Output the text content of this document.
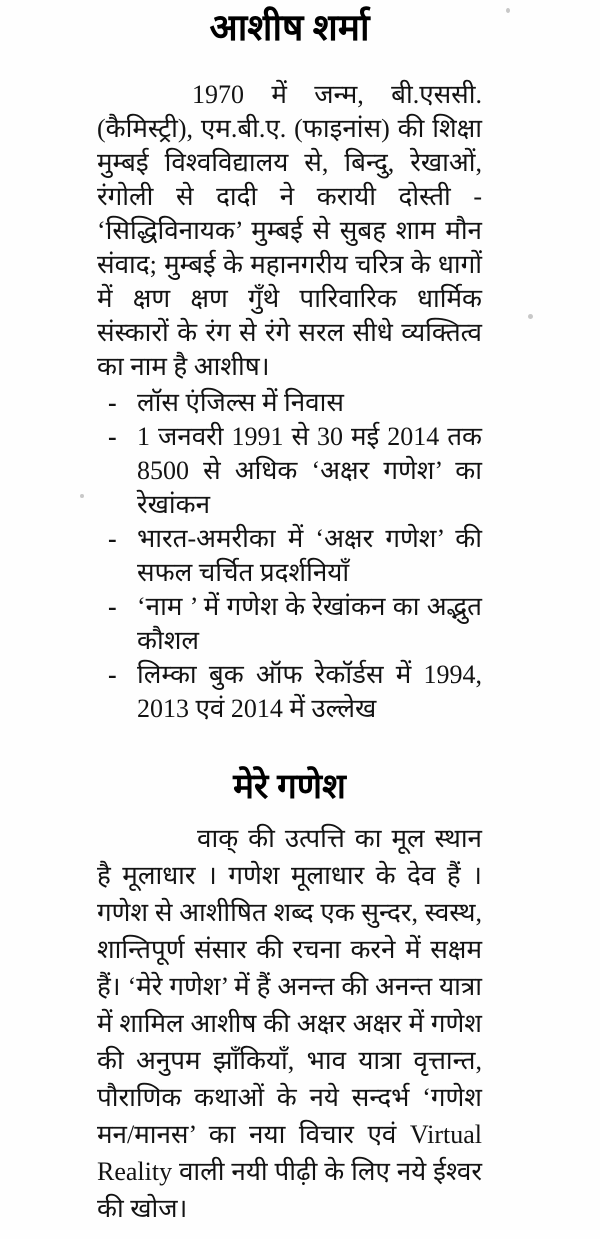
आशीष शर्मा

1970 में जन्म, बी.एससी. (कैमिस्ट्री), एम.बी.ए. (फाइनांस) की शिक्षा मुम्बई विश्वविद्यालय से, बिन्दु, रेखाओं, रंगोली से दादी ने करायी दोस्ती - ‘सिद्धिविनायक’ मुम्बई से सुबह शाम मौन संवाद; मुम्बई के महानगरीय चरित्र के धागों में क्षण क्षण गुँथे पारिवारिक धार्मिक संस्कारों के रंग से रंगे सरल सीधे व्यक्तित्व का नाम है आशीष।

- लॉस एंजिल्स में निवास
- 1 जनवरी 1991 से 30 मई 2014 तक 8500 से अधिक ‘अक्षर गणेश’ का रेखांकन
- भारत-अमरीका में ‘अक्षर गणेश’ की सफल चर्चित प्रदर्शनियाँ
- ‘नाम ’ में गणेश के रेखांकन का अद्भुत कौशल
- लिम्का बुक ऑफ रेकॉर्डस में 1994, 2013 एवं 2014 में उल्लेख
मेरे गणेश

वाक् की उत्पत्ति का मूल स्थान है मूलाधार । गणेश मूलाधार के देव हैं । गणेश से आशीषित शब्द एक सुन्दर, स्वस्थ, शान्तिपूर्ण संसार की रचना करने में सक्षम हैं। ‘मेरे गणेश’ में हैं अनन्त की अनन्त यात्रा में शामिल आशीष की अक्षर अक्षर में गणेश की अनुपम झाँकियाँ, भाव यात्रा वृत्तान्त, पौराणिक कथाओं के नये सन्दर्भ ‘गणेश मन/मानस’ का नया विचार एवं Virtual Reality वाली नयी पीढ़ी के लिए नये ईश्वर की खोज।
